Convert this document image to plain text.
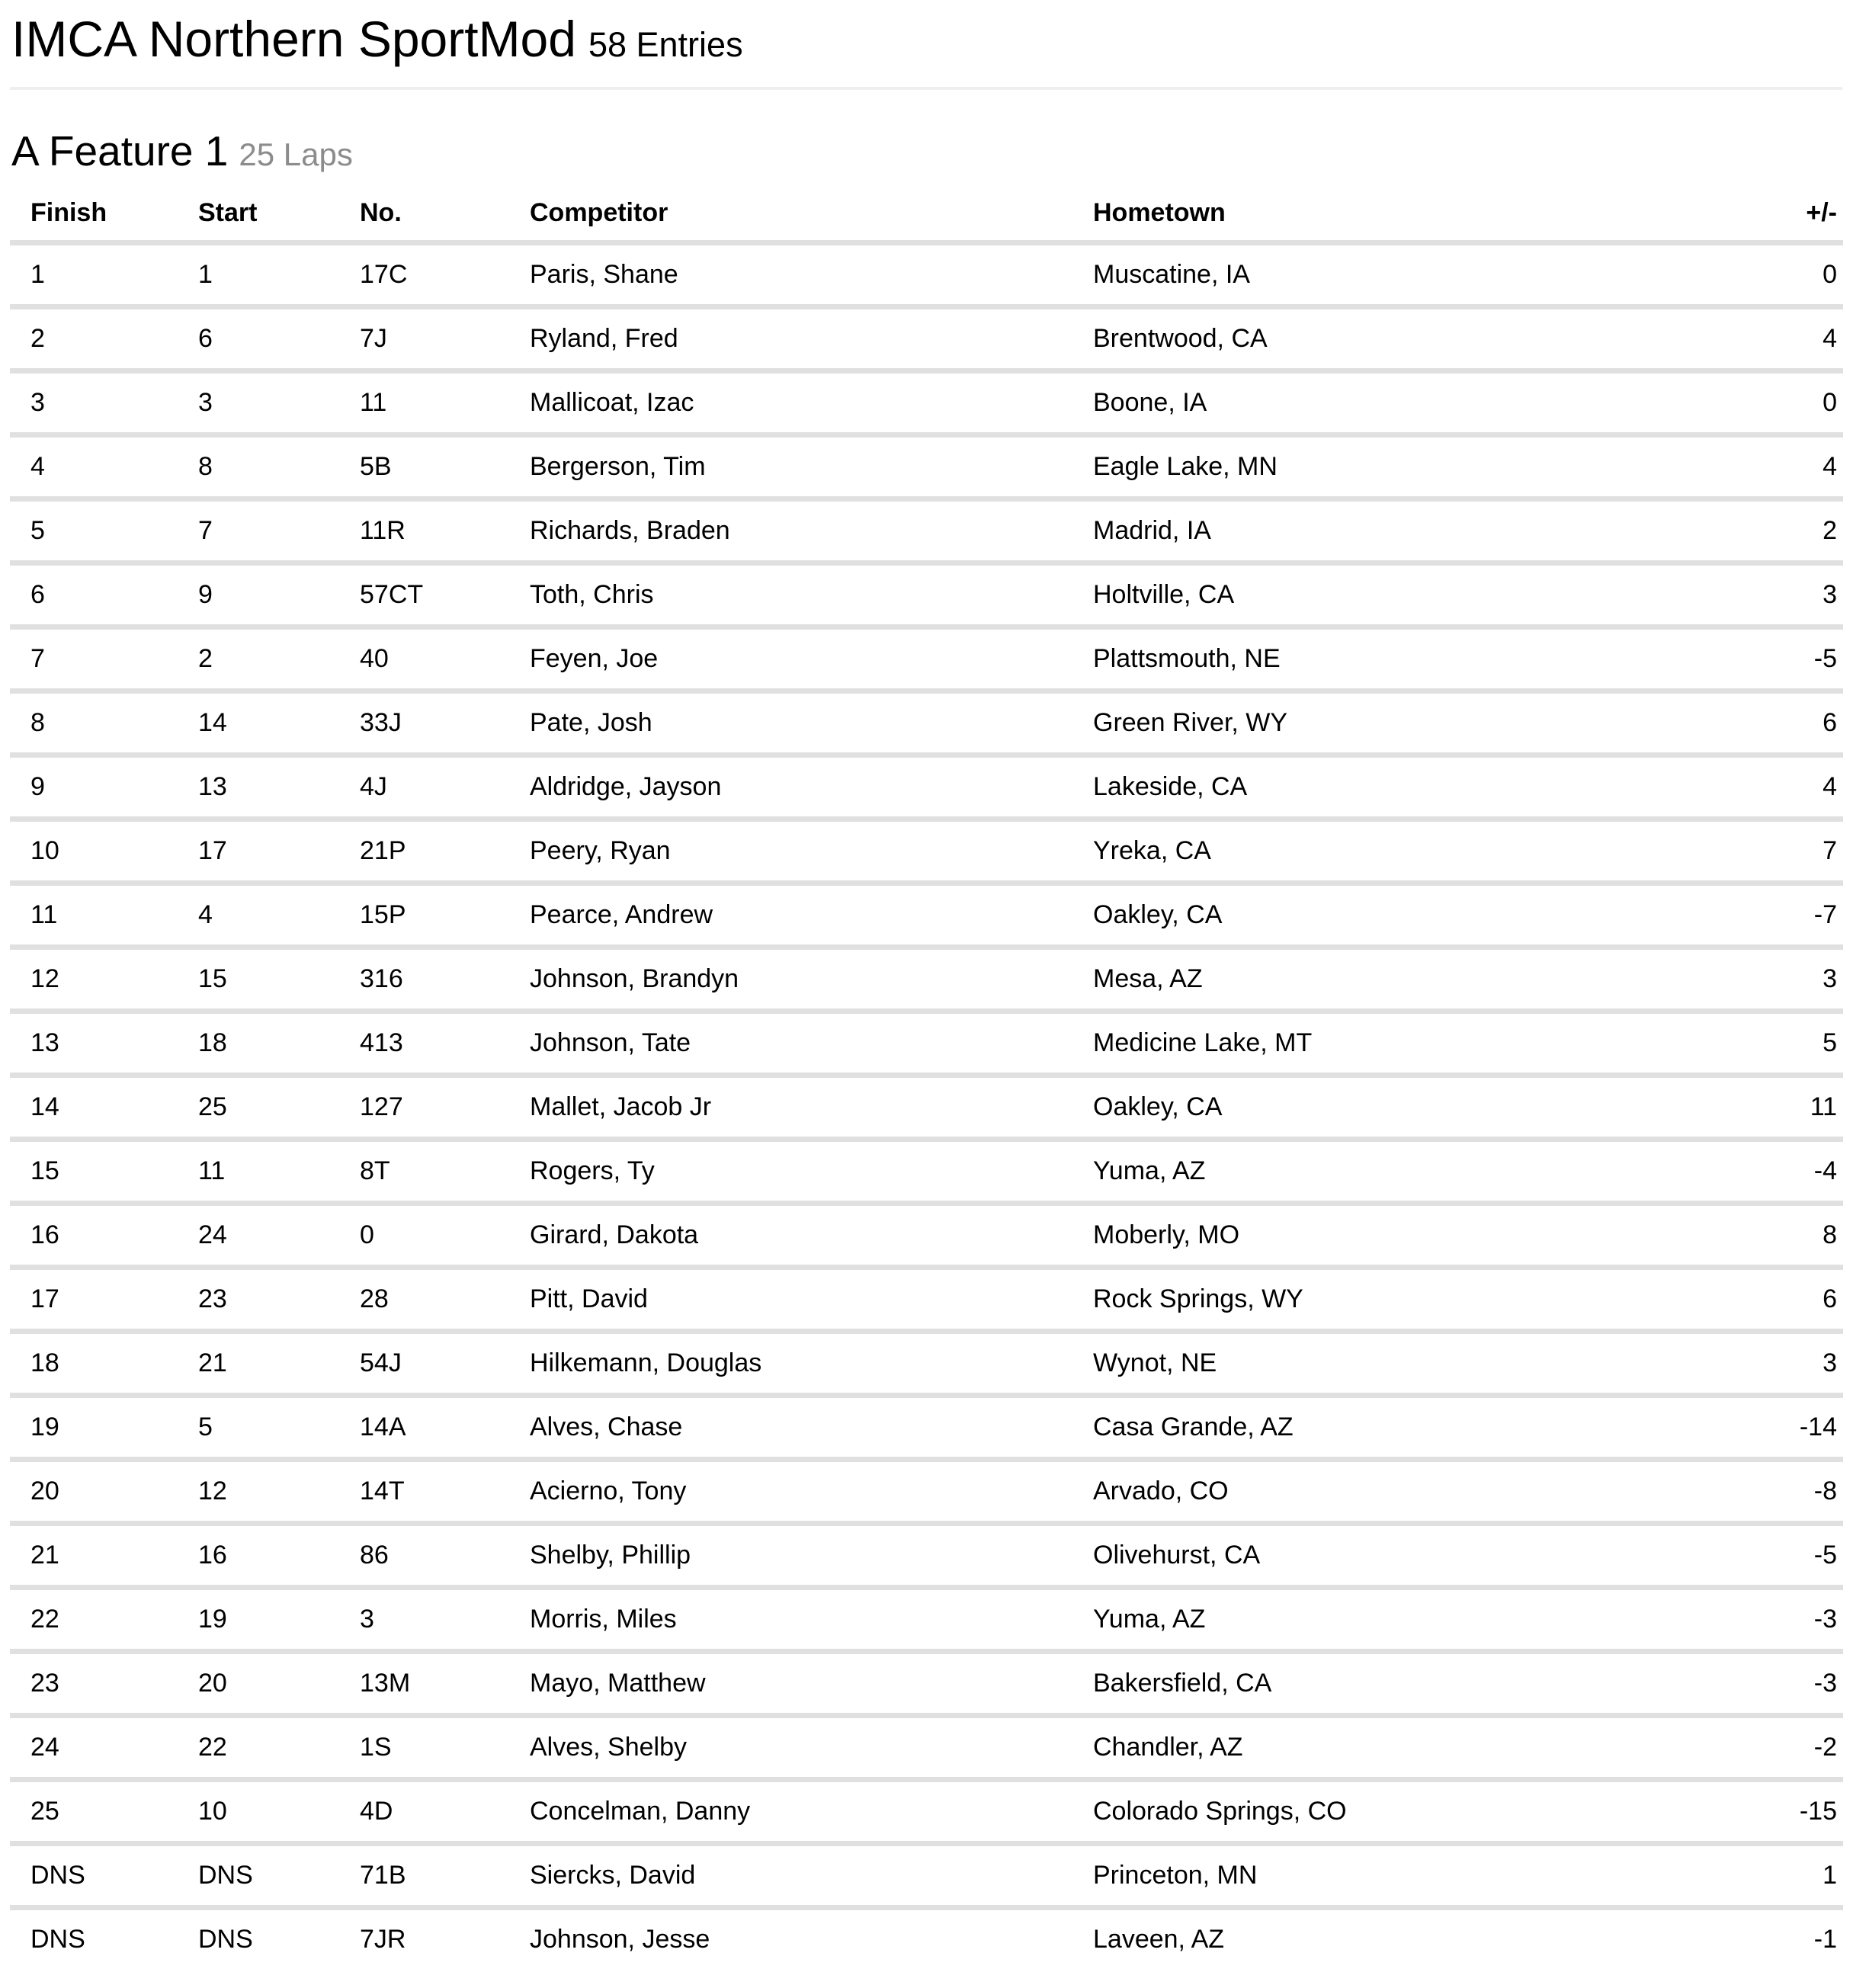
IMCA Northern SportMod 58 Entries
A Feature 1 25 Laps
Finish	Start	No.	Competitor	Hometown	+/-
1	1	17C	Paris, Shane	Muscatine, IA	0
2	6	7J	Ryland, Fred	Brentwood, CA	4
3	3	11	Mallicoat, Izac	Boone, IA	0
4	8	5B	Bergerson, Tim	Eagle Lake, MN	4
5	7	11R	Richards, Braden	Madrid, IA	2
6	9	57CT	Toth, Chris	Holtville, CA	3
7	2	40	Feyen, Joe	Plattsmouth, NE	-5
8	14	33J	Pate, Josh	Green River, WY	6
9	13	4J	Aldridge, Jayson	Lakeside, CA	4
10	17	21P	Peery, Ryan	Yreka, CA	7
11	4	15P	Pearce, Andrew	Oakley, CA	-7
12	15	316	Johnson, Brandyn	Mesa, AZ	3
13	18	413	Johnson, Tate	Medicine Lake, MT	5
14	25	127	Mallet, Jacob Jr	Oakley, CA	11
15	11	8T	Rogers, Ty	Yuma, AZ	-4
16	24	0	Girard, Dakota	Moberly, MO	8
17	23	28	Pitt, David	Rock Springs, WY	6
18	21	54J	Hilkemann, Douglas	Wynot, NE	3
19	5	14A	Alves, Chase	Casa Grande, AZ	-14
20	12	14T	Acierno, Tony	Arvado, CO	-8
21	16	86	Shelby, Phillip	Olivehurst, CA	-5
22	19	3	Morris, Miles	Yuma, AZ	-3
23	20	13M	Mayo, Matthew	Bakersfield, CA	-3
24	22	1S	Alves, Shelby	Chandler, AZ	-2
25	10	4D	Concelman, Danny	Colorado Springs, CO	-15
DNS	DNS	71B	Siercks, David	Princeton, MN	1
DNS	DNS	7JR	Johnson, Jesse	Laveen, AZ	-1
